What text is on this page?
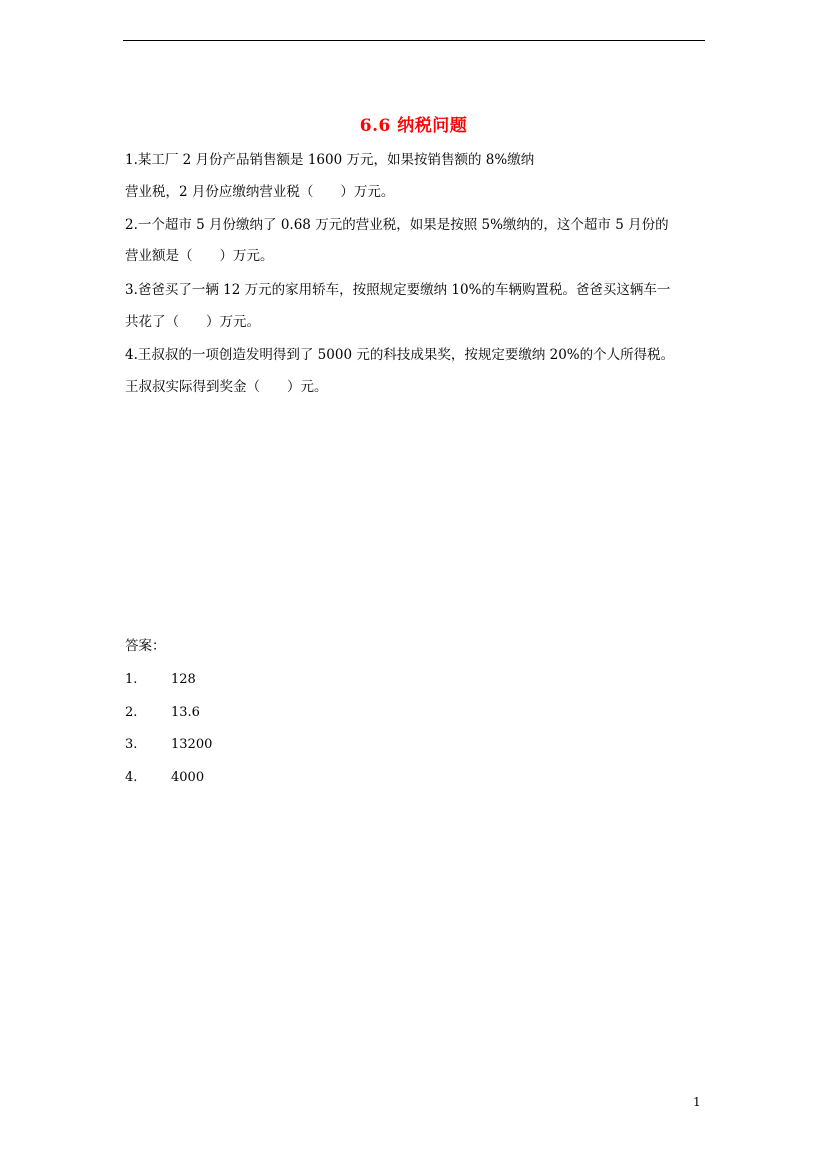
6.6 纳税问题
1.某工厂 2 月份产品销售额是 1600 万元，如果按销售额的 8%缴纳
营业税，2 月份应缴纳营业税（　　）万元。
2.一个超市 5 月份缴纳了 0.68 万元的营业税，如果是按照 5%缴纳的，这个超市 5 月份的
营业额是（　　）万元。
3.爸爸买了一辆 12 万元的家用轿车，按照规定要缴纳 10%的车辆购置税。爸爸买这辆车一
共花了（　　）万元。
4.王叔叔的一项创造发明得到了 5000 元的科技成果奖，按规定要缴纳 20%的个人所得税。
王叔叔实际得到奖金（　　）元。
答案：
1.	128
2.	13.6
3.	13200
4.	4000
1
